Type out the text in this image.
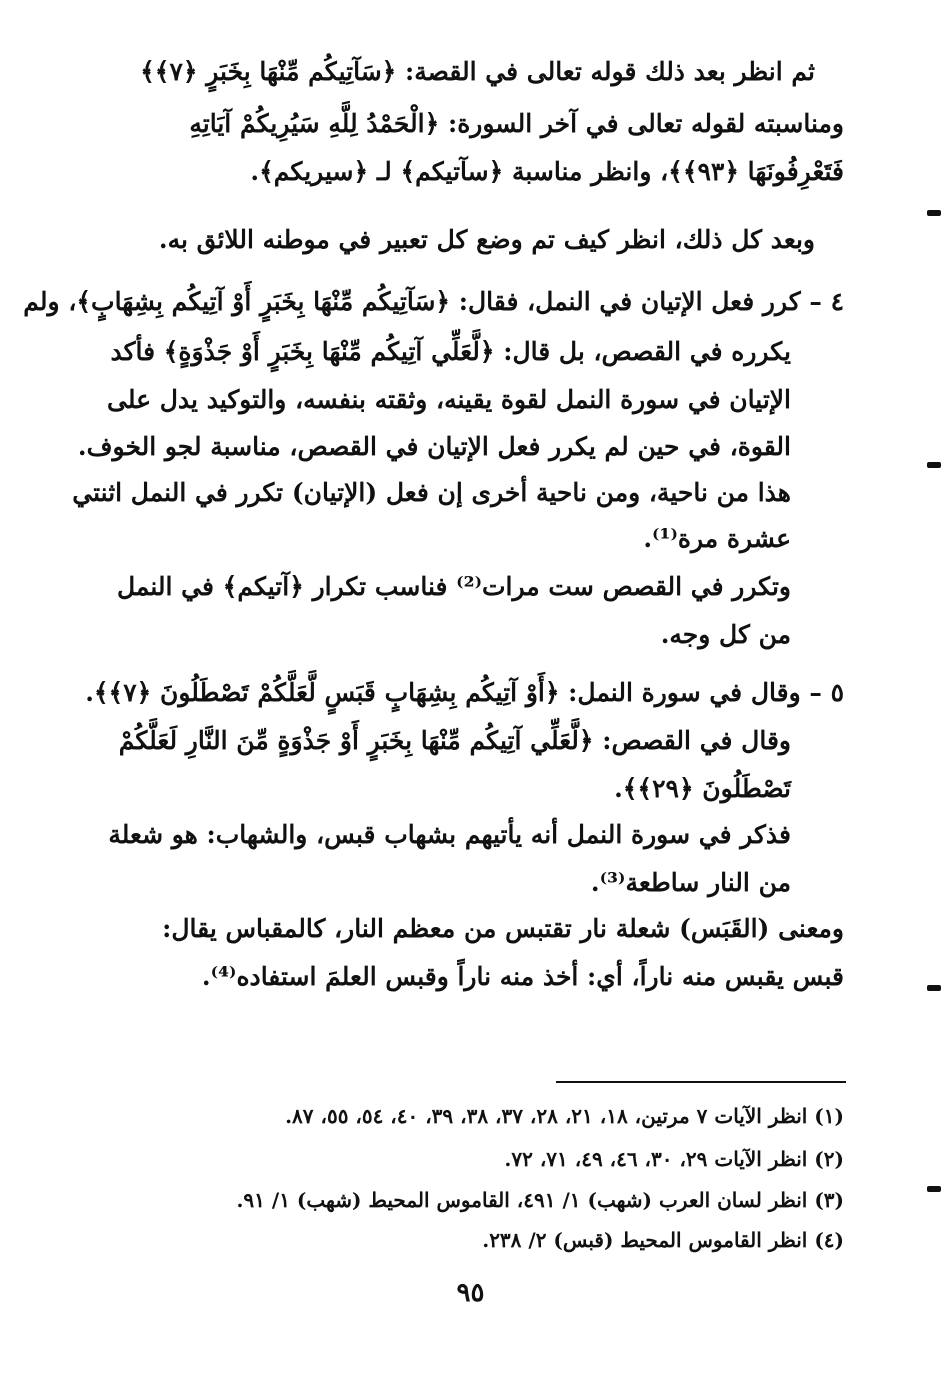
ثم انظر بعد ذلك قوله تعالى في القصة: ﴿سَآتِيكُم مِّنْهَا بِخَبَرٍ ﴿٧﴾﴾
ومناسبته لقوله تعالى في آخر السورة: ﴿الْحَمْدُ لِلَّهِ سَيُرِيكُمْ آيَاتِهِ
فَتَعْرِفُونَهَا ﴿٩٣﴾﴾، وانظر مناسبة ﴿سآتيكم﴾ لـ ﴿سيريكم﴾.
وبعد كل ذلك، انظر كيف تم وضع كل تعبير في موطنه اللائق به.
٤ – كرر فعل الإتيان في النمل، فقال: ﴿سَآتِيكُم مِّنْهَا بِخَبَرٍ أَوْ آتِيكُم بِشِهَابٍ﴾، ولم
يكرره في القصص، بل قال: ﴿لَّعَلِّي آتِيكُم مِّنْهَا بِخَبَرٍ أَوْ جَذْوَةٍ﴾ فأكد
الإتيان في سورة النمل لقوة يقينه، وثقته بنفسه، والتوكيد يدل على
القوة، في حين لم يكرر فعل الإتيان في القصص، مناسبة لجو الخوف.
هذا من ناحية، ومن ناحية أخرى إن فعل (الإتيان) تكرر في النمل اثنتي
عشرة مرة⁽¹⁾.
وتكرر في القصص ست مرات⁽²⁾ فناسب تكرار ﴿آتيكم﴾ في النمل
من كل وجه.
٥ – وقال في سورة النمل: ﴿أَوْ آتِيكُم بِشِهَابٍ قَبَسٍ لَّعَلَّكُمْ تَصْطَلُونَ ﴿٧﴾﴾.
وقال في القصص: ﴿لَّعَلِّي آتِيكُم مِّنْهَا بِخَبَرٍ أَوْ جَذْوَةٍ مِّنَ النَّارِ لَعَلَّكُمْ
تَصْطَلُونَ ﴿٢٩﴾﴾.
فذكر في سورة النمل أنه يأتيهم بشهاب قبس، والشهاب: هو شعلة
من النار ساطعة⁽³⁾.
ومعنى (القَبَس) شعلة نار تقتبس من معظم النار، كالمقباس يقال:
قبس يقبس منه ناراً، أي: أخذ منه ناراً وقبس العلمَ استفاده⁽⁴⁾.
(١) انظر الآيات ٧ مرتين، ١٨، ٢١، ٢٨، ٣٧، ٣٨، ٣٩، ٤٠، ٥٤، ٥٥، ٨٧.
(٢) انظر الآيات ٢٩، ٣٠، ٤٦، ٤٩، ٧١، ٧٢.
(٣) انظر لسان العرب (شهب) ١/ ٤٩١، القاموس المحيط (شهب) ١/ ٩١.
(٤) انظر القاموس المحيط (قبس) ٢/ ٢٣٨.
٩٥
